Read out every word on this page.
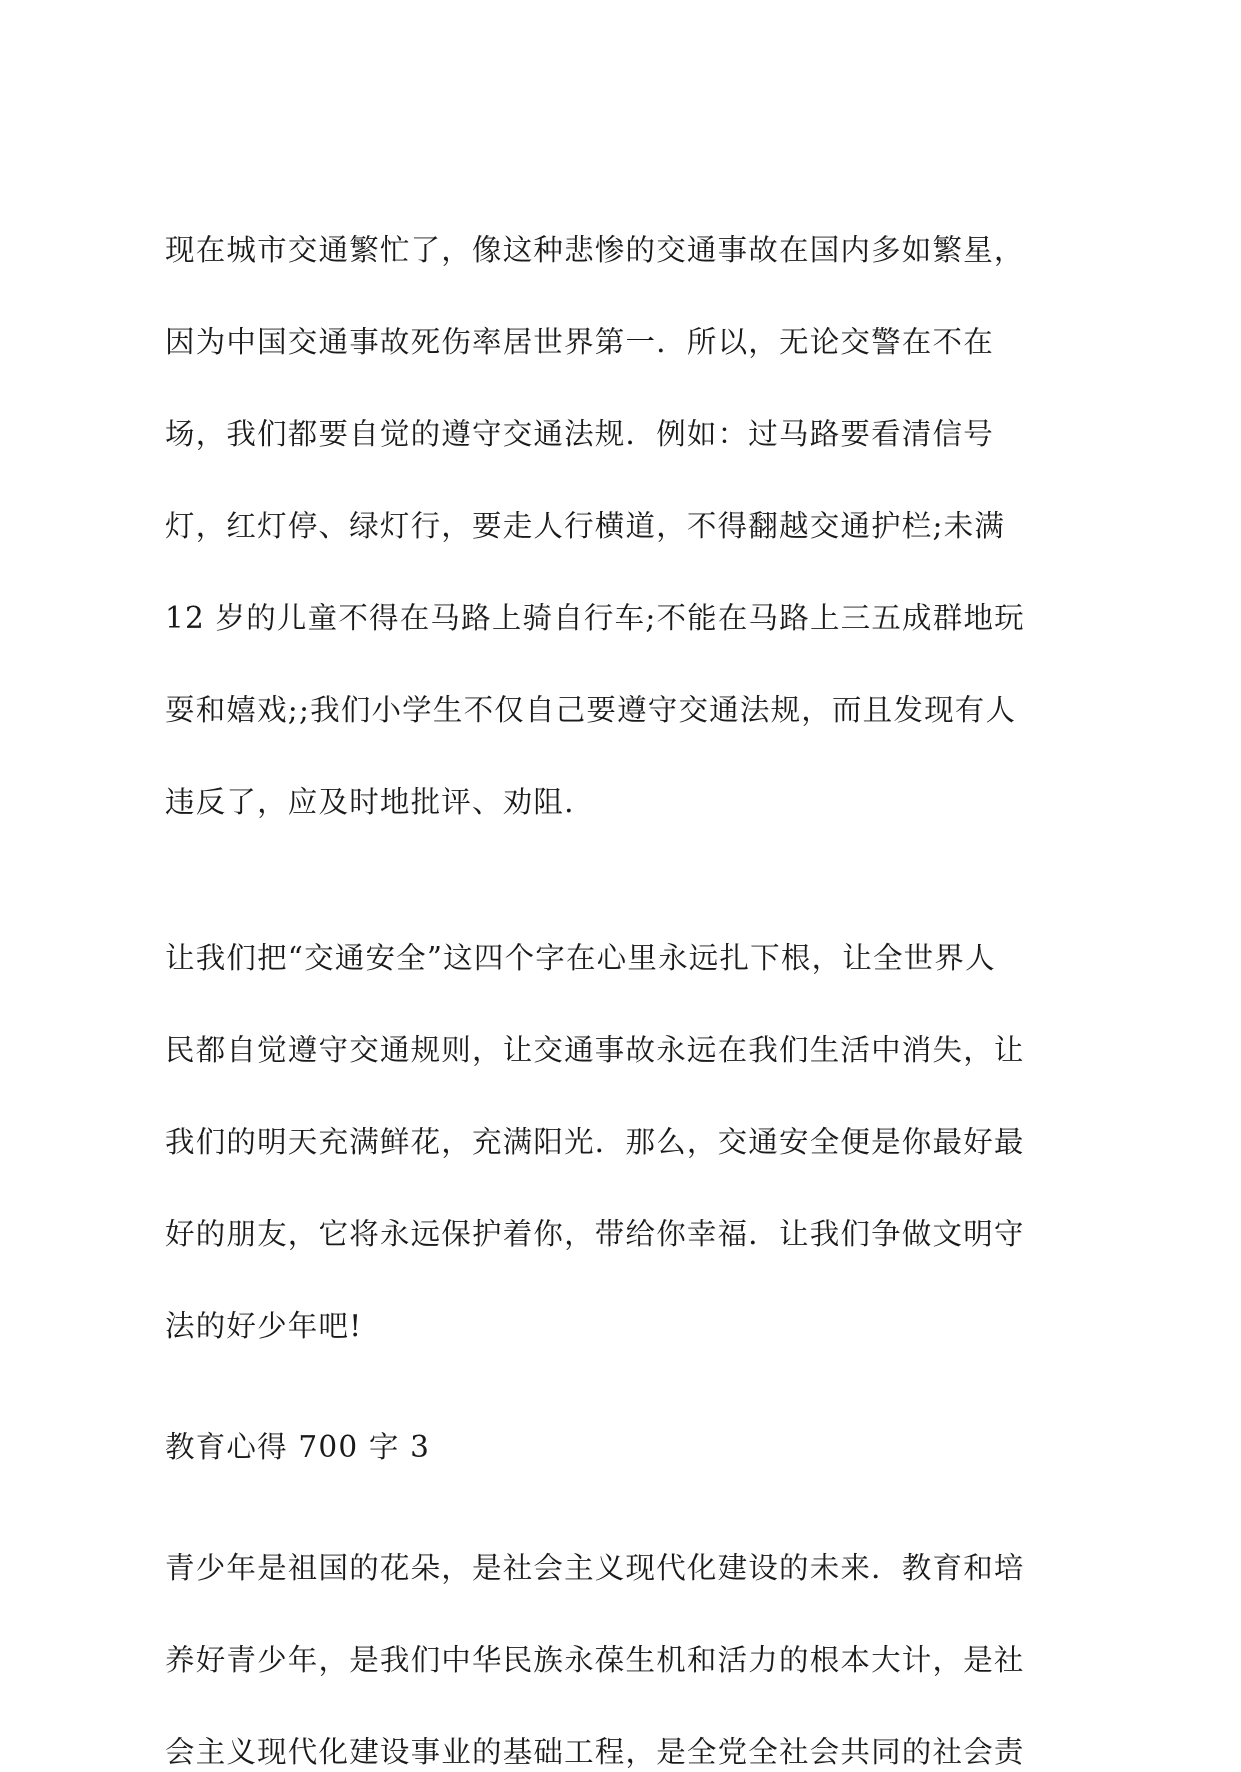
现在城市交通繁忙了，像这种悲惨的交通事故在国内多如繁星，
因为中国交通事故死伤率居世界第一．所以，无论交警在不在
场，我们都要自觉的遵守交通法规．例如：过马路要看清信号
灯，红灯停、绿灯行，要走人行横道，不得翻越交通护栏;未满
12 岁的儿童不得在马路上骑自行车;不能在马路上三五成群地玩
耍和嬉戏;;我们小学生不仅自己要遵守交通法规，而且发现有人
违反了，应及时地批评、劝阻.
让我们把“交通安全”这四个字在心里永远扎下根，让全世界人
民都自觉遵守交通规则，让交通事故永远在我们生活中消失，让
我们的明天充满鲜花，充满阳光．那么，交通安全便是你最好最
好的朋友，它将永远保护着你，带给你幸福．让我们争做文明守
法的好少年吧!
教育心得 700 字 3
青少年是祖国的花朵，是社会主义现代化建设的未来．教育和培
养好青少年，是我们中华民族永葆生机和活力的根本大计，是社
会主义现代化建设事业的基础工程，是全党全社会共同的社会责
